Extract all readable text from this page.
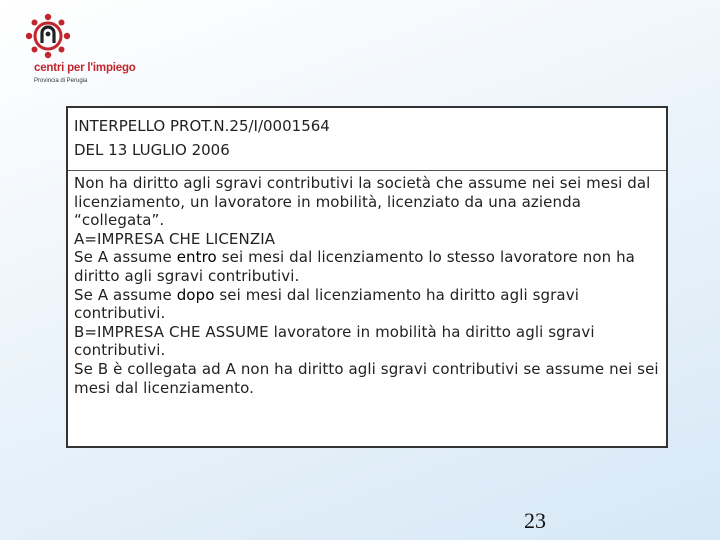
centri per l'impiego
Provincia di Perugia
INTERPELLO PROT.N.25/I/0001564
DEL 13 LUGLIO 2006

Non ha diritto agli sgravi contributivi la società che assume nei sei mesi dal licenziamento, un lavoratore in mobilità, licenziato da una azienda “collegata”.

A=IMPRESA CHE LICENZIA

Se A assume entro sei mesi dal licenziamento lo stesso lavoratore non ha diritto agli sgravi contributivi.

Se A assume dopo sei mesi dal licenziamento ha diritto agli sgravi contributivi.

B=IMPRESA CHE ASSUME lavoratore in mobilità ha diritto agli sgravi contributivi.

Se B è collegata ad A non ha diritto agli sgravi contributivi se assume nei sei mesi dal licenziamento.

23
